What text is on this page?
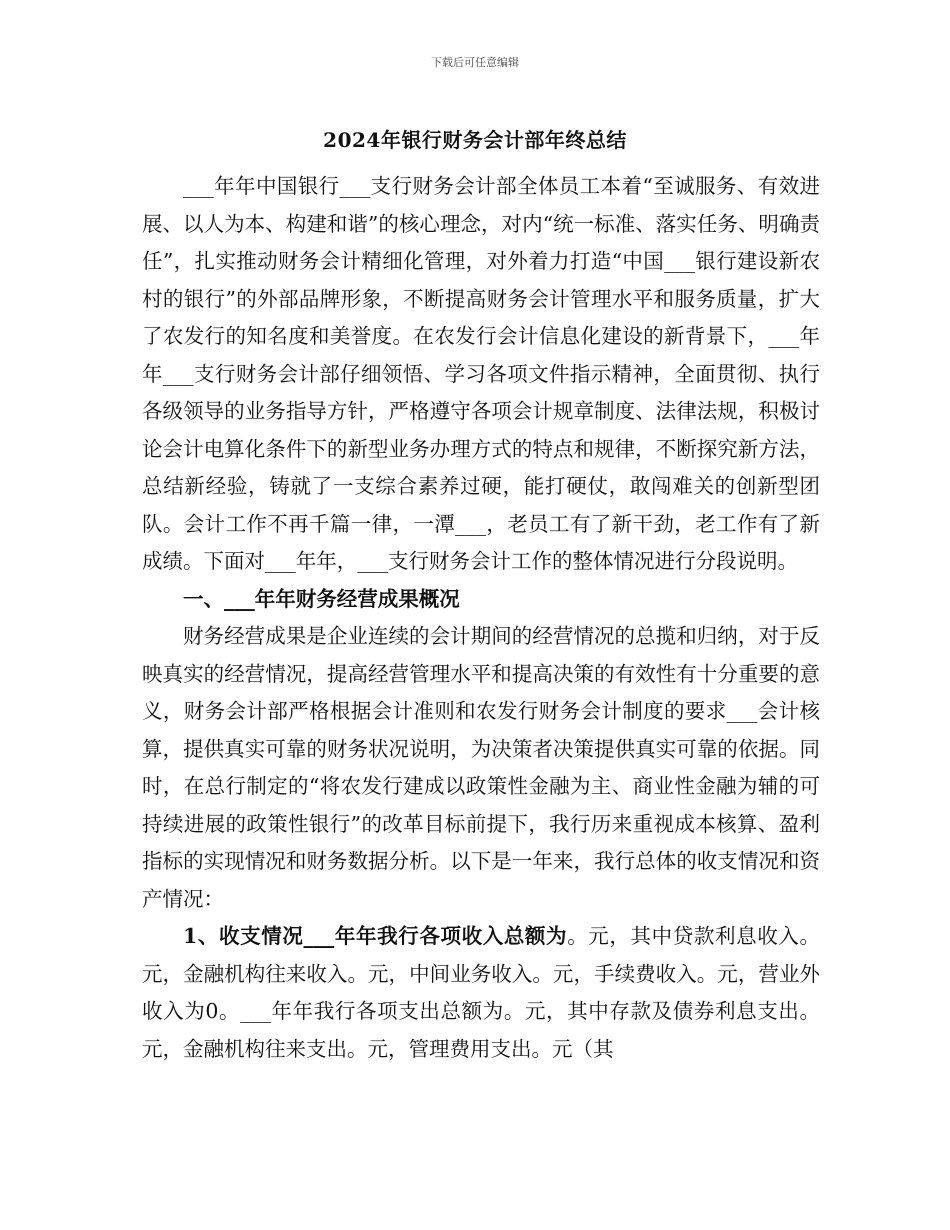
下载后可任意编辑
2024年银行财务会计部年终总结

___年年中国银行___支行财务会计部全体员工本着“至诚服务、有效进展、以人为本、构建和谐”的核心理念，对内“统一标准、落实任务、明确责任”，扎实推动财务会计精细化管理，对外着力打造“中国___银行建设新农村的银行”的外部品牌形象，不断提高财务会计管理水平和服务质量，扩大了农发行的知名度和美誉度。在农发行会计信息化建设的新背景下，___年年___支行财务会计部仔细领悟、学习各项文件指示精神，全面贯彻、执行各级领导的业务指导方针，严格遵守各项会计规章制度、法律法规，积极讨论会计电算化条件下的新型业务办理方式的特点和规律，不断探究新方法，总结新经验，铸就了一支综合素养过硬，能打硬仗，敢闯难关的创新型团队。会计工作不再千篇一律，一潭___，老员工有了新干劲，老工作有了新成绩。下面对___年年，___支行财务会计工作的整体情况进行分段说明。

一、___年年财务经营成果概况

财务经营成果是企业连续的会计期间的经营情况的总揽和归纳，对于反映真实的经营情况，提高经营管理水平和提高决策的有效性有十分重要的意义，财务会计部严格根据会计准则和农发行财务会计制度的要求___会计核算，提供真实可靠的财务状况说明，为决策者决策提供真实可靠的依据。同时，在总行制定的“将农发行建成以政策性金融为主、商业性金融为辅的可持续进展的政策性银行”的改革目标前提下，我行历来重视成本核算、盈利指标的实现情况和财务数据分析。以下是一年来，我行总体的收支情况和资产情况：

1、收支情况___年年我行各项收入总额为。元，其中贷款利息收入。元，金融机构往来收入。元，中间业务收入。元，手续费收入。元，营业外收入为0。___年年我行各项支出总额为。元，其中存款及债券利息支出。元，金融机构往来支出。元，管理费用支出。元（其
